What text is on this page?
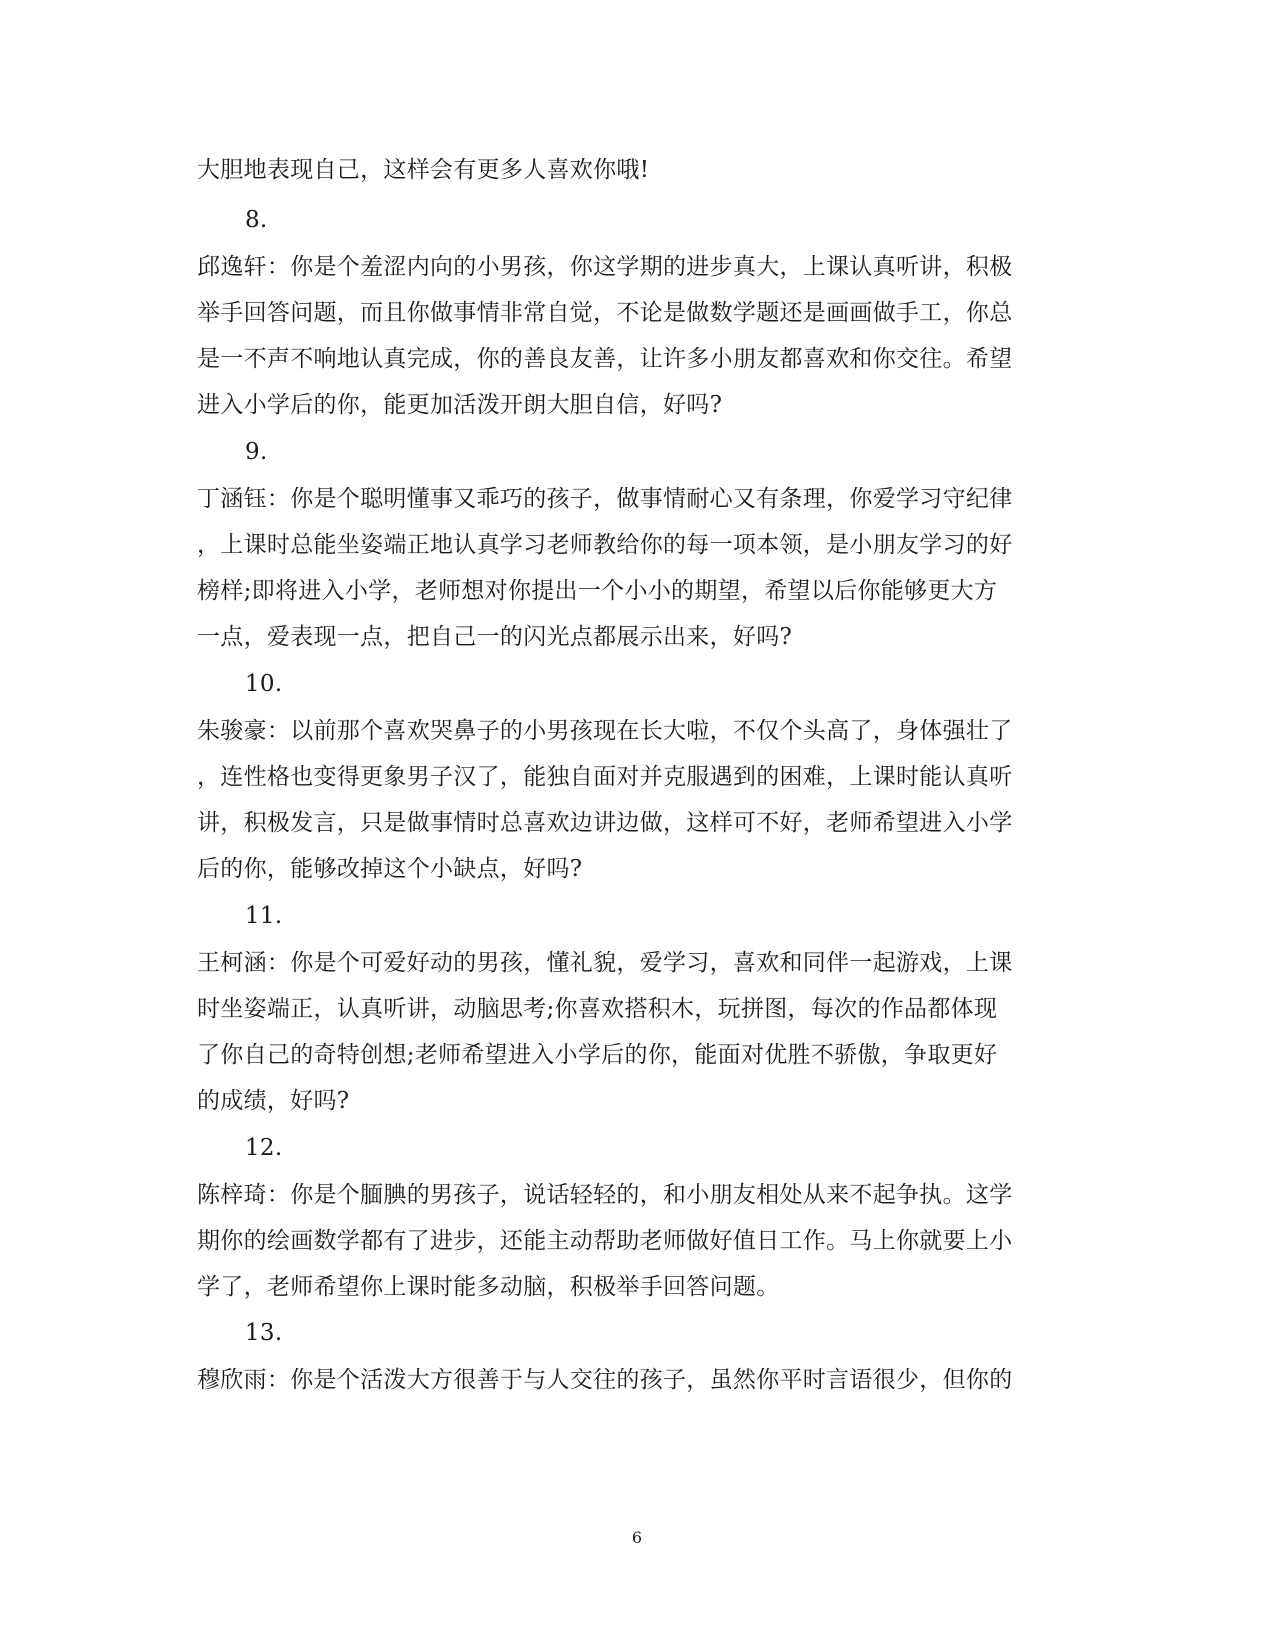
大胆地表现自己，这样会有更多人喜欢你哦!
8.
邱逸轩：你是个羞涩内向的小男孩，你这学期的进步真大，上课认真听讲，积极
举手回答问题，而且你做事情非常自觉，不论是做数学题还是画画做手工，你总
是一不声不响地认真完成，你的善良友善，让许多小朋友都喜欢和你交往。希望
进入小学后的你，能更加活泼开朗大胆自信，好吗?
9.
丁涵钰：你是个聪明懂事又乖巧的孩子，做事情耐心又有条理，你爱学习守纪律
，上课时总能坐姿端正地认真学习老师教给你的每一项本领，是小朋友学习的好
榜样;即将进入小学，老师想对你提出一个小小的期望，希望以后你能够更大方
一点，爱表现一点，把自己一的闪光点都展示出来，好吗?
10.
朱骏豪：以前那个喜欢哭鼻子的小男孩现在长大啦，不仅个头高了，身体强壮了
，连性格也变得更象男子汉了，能独自面对并克服遇到的困难，上课时能认真听
讲，积极发言，只是做事情时总喜欢边讲边做，这样可不好，老师希望进入小学
后的你，能够改掉这个小缺点，好吗?
11.
王柯涵：你是个可爱好动的男孩，懂礼貌，爱学习，喜欢和同伴一起游戏，上课
时坐姿端正，认真听讲，动脑思考;你喜欢搭积木，玩拼图，每次的作品都体现
了你自己的奇特创想;老师希望进入小学后的你，能面对优胜不骄傲，争取更好
的成绩，好吗?
12.
陈梓琦：你是个腼腆的男孩子，说话轻轻的，和小朋友相处从来不起争执。这学
期你的绘画数学都有了进步，还能主动帮助老师做好值日工作。马上你就要上小
学了，老师希望你上课时能多动脑，积极举手回答问题。
13.
穆欣雨：你是个活泼大方很善于与人交往的孩子，虽然你平时言语很少，但你的
6
